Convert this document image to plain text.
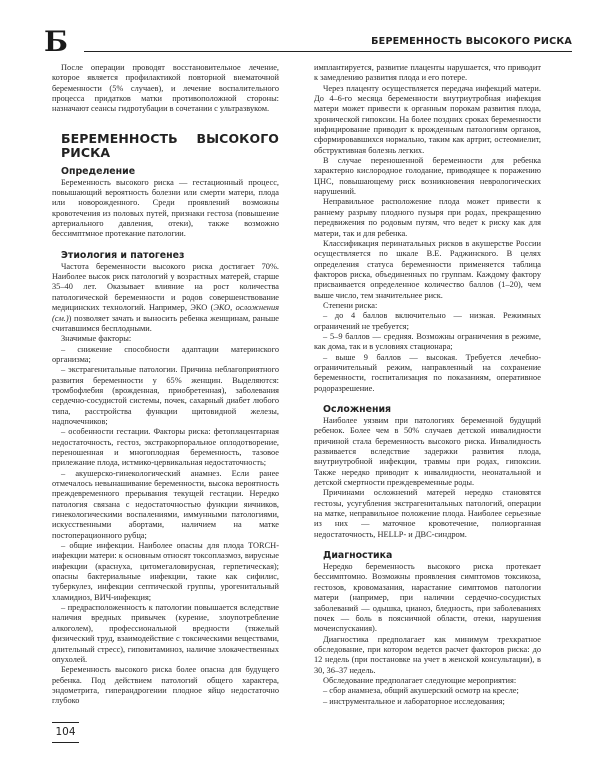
Б	БЕРЕМЕННОСТЬ ВЫСОКОГО РИСКА

После операции проводят восстановительное лечение, которое является профилактикой повторной внематочной беременности (5% случаев), и лечение воспалительного процесса придатков матки противоположной стороны: назначают сеансы гидротубации в сочетании с ультразвуком.

БЕРЕМЕННОСТЬ ВЫСОКОГО РИСКА
Определение

Беременность высокого риска — гестационный процесс, повышающий вероятность болезни или смерти матери, плода или новорожденного. Среди проявлений возможны кровотечения из половых путей, признаки гестоза (повышение артериального давления, отеки), также возможно бессимптмное протекание патологии.

Этиология и патогенез

Частота беременности высокого риска достигает 70%. Наиболее высок риск патологий у возрастных матерей, старше 35–40 лет. Оказывает влияние на рост количества патологической беременности и родов совершенствование медицинских технологий. Например, ЭКО (ЭКО, осложнения (см.)) позволяет зачать и выносить ребенка женщинам, раньше считавшимся бесплодными.

Значимые факторы:

– снижение способности адаптации материнского организма;

– экстрагенитальные патологии. Причина неблагоприятного развития беременности у 65% женщин. Выделяются: тромбофлебия (врожденная, приобретенная), заболевания сердечно-сосудистой системы, почек, сахарный диабет любого типа, расстройства функции щитовидной железы, надпочечников;

– особенности гестации. Факторы риска: фетоплацентарная недостаточность, гестоз, экстракорпоральное оплодотворение, переношенная и многоплодная беременность, тазовое прилежание плода, истмико-цервикальная недостаточность;

– акушерско-гинекологический анамнез. Если ранее отмечалось невынашивание беременности, высока вероятность преждевременного прерывания текущей гестации. Нередко патология связана с недостаточностью функции яичников, гинекологическими воспалениями, иммунными патологиями, искусственными абортами, наличием на матке постоперационного рубца;

– общие инфекции. Наиболее опасны для плода TORCH-инфекции матери: к основным относят токсоплазмоз, вирусные инфекции (краснуха, цитомегаловирусная, герпетическая); опасны бактериальные инфекции, такие как сифилис, туберкулез, инфекции септической группы, урогенитальный хламидиоз, ВИЧ-инфекция;

– предрасположенность к патологии повышается вследствие наличия вредных привычек (курение, злоупотребление алкоголем), профессиональной вредности (тяжелый физический труд, взаимодействие с токсическими веществами, длительный стресс), гиповитаминоз, наличие злокачественных опухолей.

Беременность высокого риска более опасна для будущего ребенка. Под действием патологий общего характера, эндометрита, гиперандрогении плодное яйцо недостаточно глубоко

имплантируется, развитие плаценты нарушается, что приводит к замедлению развития плода и его потере.

Через плаценту осуществляется передача инфекций матери. До 4–6-го месяца беременности внутриутробная инфекция матери может привести к органным порокам развития плода, хронической гипоксии. На более поздних сроках беременности инфицирование приводит к врожденным патологиям органов, сформировавшихся нормально, таким как артрит, остеомиелит, обструктивная болезнь легких.

В случае переношенной беременности для ребенка характерно кислородное голодание, приводящее к поражению ЦНС, повышающему риск возникновения неврологических нарушений.

Неправильное расположение плода может привести к раннему разрыву плодного пузыря при родах, прекращению передвижения по родовым путям, что ведет к риску как для матери, так и для ребенка.

Классификация перинатальных рисков в акушерстве России осуществляется по шкале В.Е. Раджинского. В целях определения статуса беременности применяется таблица факторов риска, объединенных по группам. Каждому фактору присваивается определенное количество баллов (1–20), чем выше число, тем значительнее риск.

Степени риска:

– до 4 баллов включительно — низкая. Режимных ограничений не требуется;

– 5–9 баллов — средняя. Возможны ограничения в режиме, как дома, так и в условиях стационара;

– выше 9 баллов — высокая. Требуется лечебно-ограничительный режим, направленный на сохранение беременности, госпитализация по показаниям, оперативное родоразрешение.

Осложнения

Наиболее уязвим при патологиях беременной будущий ребенок. Более чем в 50% случаев детской инвалидности причиной стала беременность высокого риска. Инвалидность развивается вследствие задержки развития плода, внутриутробной инфекции, травмы при родах, гипоксии. Также нередко приводит к инвалидности, неонатальной и детской смертности преждевременные роды.

Причинами осложнений матерей нередко становятся гестозы, усугубления экстрагенитальных патологий, операции на матке, неправильное положение плода. Наиболее серьезные из них — маточное кровотечение, полиорганная недостаточность, HELLP- и ДВС-синдром.

Диагностика

Нередко беременность высокого риска протекает бессимптомно. Возможны проявления симптомов токсикоза, гестозов, кровомазания, нарастание симптомов патологии матери (например, при наличии сердечно-сосудистых заболеваний — одышка, цианоз, бледность, при заболеваниях почек — боль в поясничной области, отеки, нарушения мочеиспускания).

Диагностика предполагает как минимум трехкратное обследование, при котором ведется расчет факторов риска: до 12 недель (при постановке на учет в женской консультации), в 30, 36–37 недель.

Обследование предполагает следующие мероприятия:

– сбор анамнеза, общий акушерский осмотр на кресле;

– инструментальное и лабораторное исследования;

104
